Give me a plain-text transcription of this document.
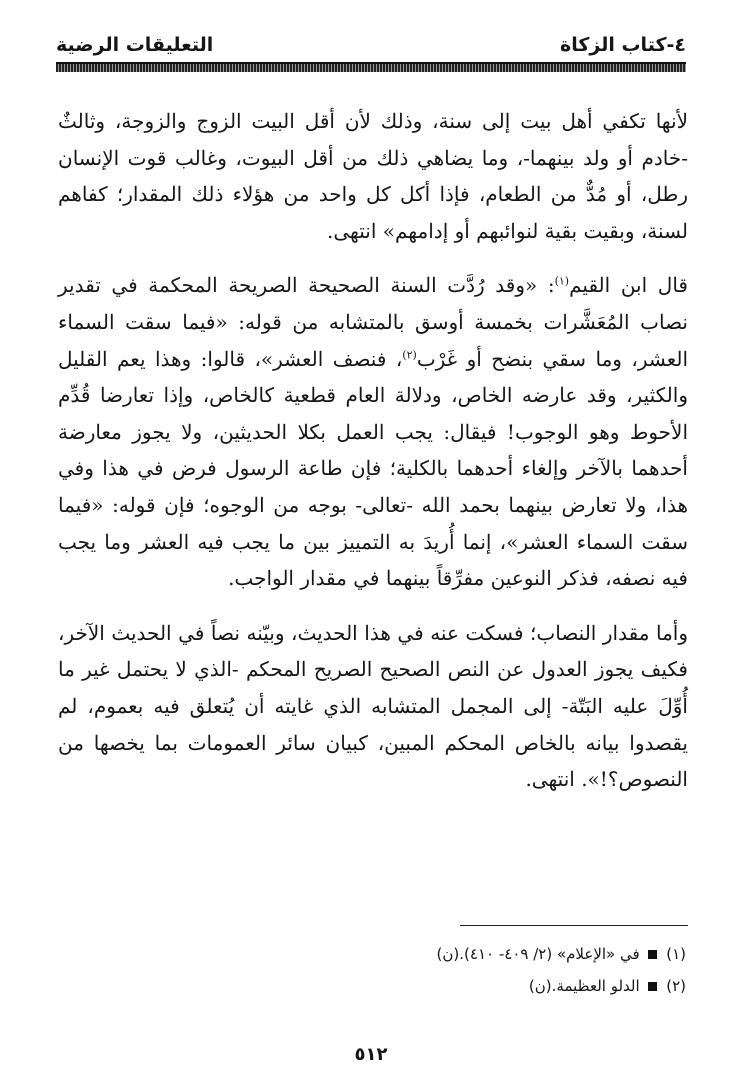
٤-كتاب الزكاة
التعليقات الرضية

لأنها تكفي أهل بيت إلى سنة، وذلك لأن أقل البيت الزوج والزوجة، وثالثٌ -خادم أو ولد بينهما-، وما يضاهي ذلك من أقل البيوت، وغالب قوت الإنسان رطل، أو مُدٌّ من الطعام، فإذا أكل كل واحد من هؤلاء ذلك المقدار؛ كفاهم لسنة، وبقيت بقية لنوائبهم أو إدامهم» انتهى.

قال ابن القيم$^{(١)}$: «وقد رُدَّت السنة الصحيحة الصريحة المحكمة في تقدير نصاب المُعَشَّرات بخمسة أوسق بالمتشابه من قوله: «فيما سقت السماء العشر، وما سقي بنضح أو غَرْب$^{(٢)}$، فنصف العشر»، قالوا: وهذا يعم القليل والكثير، وقد عارضه الخاص، ودلالة العام قطعية كالخاص، وإذا تعارضا قُدِّم الأحوط وهو الوجوب! فيقال: يجب العمل بكلا الحديثين، ولا يجوز معارضة أحدهما بالآخر وإلغاء أحدهما بالكلية؛ فإن طاعة الرسول فرض في هذا وفي هذا، ولا تعارض بينهما بحمد الله -تعالى- بوجه من الوجوه؛ فإن قوله: «فيما سقت السماء العشر»، إنما أُريدَ به التمييز بين ما يجب فيه العشر وما يجب فيه نصفه، فذكر النوعين مفرِّقاً بينهما في مقدار الواجب.

وأما مقدار النصاب؛ فسكت عنه في هذا الحديث، وبيّنه نصاً في الحديث الآخر، فكيف يجوز العدول عن النص الصحيح الصريح المحكم -الذي لا يحتمل غير ما أُوِّلَ عليه البَتّة- إلى المجمل المتشابه الذي غايته أن يُتعلق فيه بعموم، لم يقصدوا بيانه بالخاص المحكم المبين، كبيان سائر العمومات بما يخصها من النصوص؟!». انتهى.

(١)  في «الإعلام» (٢/ ٤٠٩- ٤١٠).(ن)
(٢)  الدلو العظيمة.(ن)
٥١٢
